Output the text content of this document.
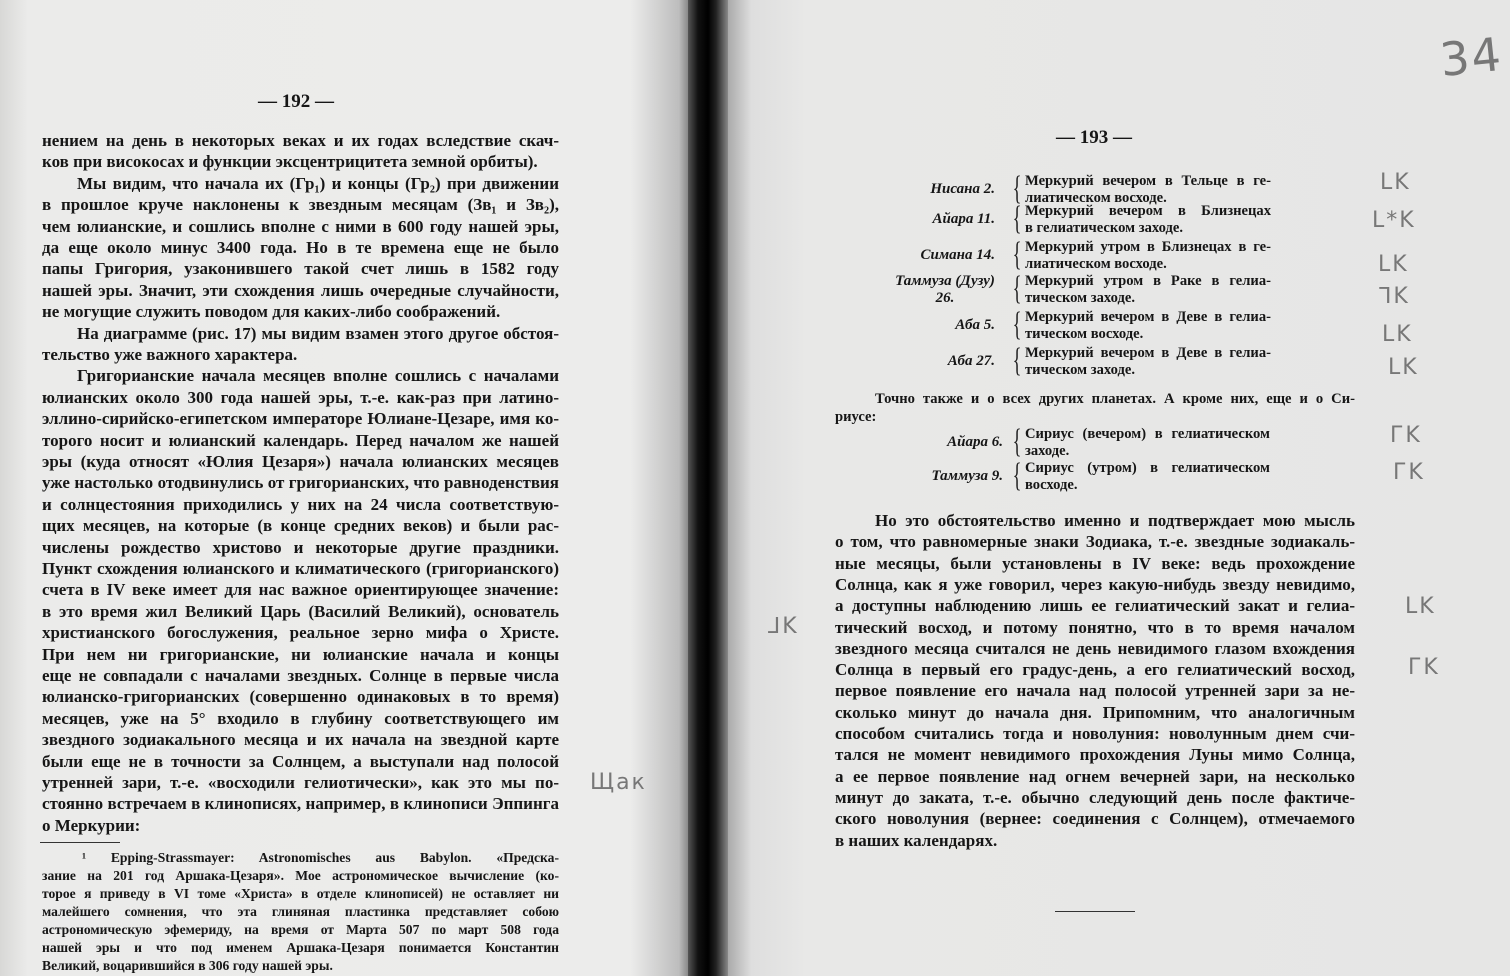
— 192 —
нением на день в некоторых веках и их годах вследствие скач-
ков при високосах и функции эксцентрицитета земной орбиты).
Мы видим, что начала их (Гр₁) и концы (Гр₂) при движении
в прошлое круче наклонены к звездным месяцам (Зв₁ и Зв₂),
чем юлианские, и сошлись вполне с ними в 600 году нашей эры,
да еще около минус 3400 года. Но в те времена еще не было
папы Григория, узаконившего такой счет лишь в 1582 году
нашей эры. Значит, эти схождения лишь очередные случайности,
не могущие служить поводом для каких-либо соображений.
На диаграмме (рис. 17) мы видим взамен этого другое обстоя-
тельство уже важного характера.
Григорианские начала месяцев вполне сошлись с началами
юлианских около 300 года нашей эры, т.-е. как-раз при латино-
эллино-сирийско-египетском императоре Юлиане-Цезаре, имя ко-
торого носит и юлианский календарь. Перед началом же нашей
эры (куда относят «Юлия Цезаря») начала юлианских месяцев
уже настолько отодвинулись от григорианских, что равноденствия
и солнцестояния приходились у них на 24 числа соответствую-
щих месяцев, на которые (в конце средних веков) и были рас-
числены рождество христово и некоторые другие праздники.
Пункт схождения юлианского и климатического (григорианского)
счета в IV веке имеет для нас важное ориентирующее значение:
в это время жил Великий Царь (Василий Великий), основатель
христианского богослужения, реальное зерно мифа о Христе.
При нем ни григорианские, ни юлианские начала и концы
еще не совпадали с началами звездных. Солнце в первые числа
юлианско-григорианских (совершенно одинаковых в то время)
месяцев, уже на 5° входило в глубину соответствующего им
звездного зодиакального месяца и их начала на звездной карте
были еще не в точности за Солнцем, а выступали над полосой
утренней зари, т.-е. «восходили гелиотически», как это мы по-
стоянно встречаем в клинописях, например, в клинописи Эппинга
о Меркурии:
¹ Epping-Strassmayer: Astronomisches aus Babylon. «Предска-
зание на 201 год Аршака-Цезаря». Мое астрономическое вычисление (ко-
торое я приведу в VI томе «Христа» в отделе клинописей) не оставляет ни
малейшего сомнения, что эта глиняная пластинка представляет собою
астрономическую эфемериду, на время от Марта 507 по март 508 года
нашей эры и что под именем Аршака-Цезаря понимается Константин
Великий, воцарившийся в 306 году нашей эры.
— 193 —
Нисана 2. { Меркурий вечером в Тельце в ге-
лиатическом восходе.
Айара 11. { Меркурий вечером в Близнецах
в гелиатическом заходе.
Симана 14. { Меркурий утром в Близнецах в ге-
лиатическом восходе.
Таммуза (Дузу) 26.	{ Меркурий утром в Раке в гелиа-
тическом заходе.
Аба 5. { Меркурий вечером в Деве в гелиа-
тическом восходе.
Аба 27. { Меркурий вечером в Деве в гелиа-
тическом заходе.
Точно также и о всех других планетах. А кроме них, еще и о Си-
риусе:
Айара 6. { Сириус (вечером) в гелиатическом
заходе.
Таммуза 9. { Сириус (утром) в гелиатическом
восходе.
Но это обстоятельство именно и подтверждает мою мысль
о том, что равномерные знаки Зодиака, т.-е. звездные зодиакаль-
ные месяцы, были установлены в IV веке: ведь прохождение
Солнца, как я уже говорил, через какую-нибудь звезду невидимо,
а доступны наблюдению лишь ее гелиатический закат и гелиа-
тический восход, и потому понятно, что в то время началом
звездного месяца считался не день невидимого глазом вхождения
Солнца в первый его градус-день, а его гелиатический восход,
первое появление его начала над полосой утренней зари за не-
сколько минут до начала дня. Припомним, что аналогичным
способом считались тогда и новолуния: новолунным днем счи-
тался не момент невидимого прохождения Луны мимо Солнца,
а ее первое появление над огнем вечерней зари, на несколько
минут до заката, т.-е. обычно следующий день после фактиче-
ского новолуния (вернее: соединения с Солнцем), отмечаемого
в наших календарях.
34
⅃K
Щак
LK
L*K
LK
ᒣK
LK
LK
ГK
ГK
LK
ГK
